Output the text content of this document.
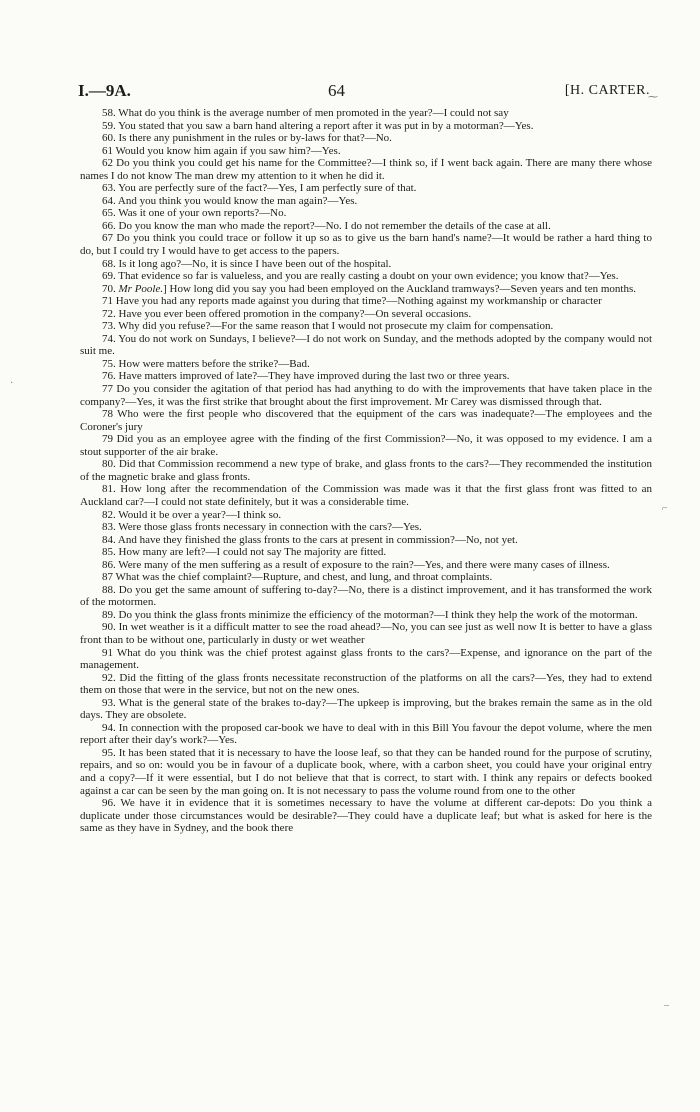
I.—9A.	64	[H. CARTER.
⁓
·
⌐
–

58. What do you think is the average number of men promoted in the year?—I could not say

59. You stated that you saw a barn hand altering a report after it was put in by a motorman?—Yes.

60. Is there any punishment in the rules or by-laws for that?—No.

61 Would you know him again if you saw him?—Yes.

62 Do you think you could get his name for the Committee?—I think so, if I went back again. There are many there whose names I do not know The man drew my attention to it when he did it.

63. You are perfectly sure of the fact?—Yes, I am perfectly sure of that.

64. And you think you would know the man again?—Yes.

65. Was it one of your own reports?—No.

66. Do you know the man who made the report?—No. I do not remember the details of the case at all.

67 Do you think you could trace or follow it up so as to give us the barn hand's name?—It would be rather a hard thing to do, but I could try I would have to get access to the papers.

68. Is it long ago?—No, it is since I have been out of the hospital.

69. That evidence so far is valueless, and you are really casting a doubt on your own evidence; you know that?—Yes.

70. Mr Poole.] How long did you say you had been employed on the Auckland tramways?—Seven years and ten months.

71 Have you had any reports made against you during that time?—Nothing against my workmanship or character

72. Have you ever been offered promotion in the company?—On several occasions.

73. Why did you refuse?—For the same reason that I would not prosecute my claim for compensation.

74. You do not work on Sundays, I believe?—I do not work on Sunday, and the methods adopted by the company would not suit me.

75. How were matters before the strike?—Bad.

76. Have matters improved of late?—They have improved during the last two or three years.

77 Do you consider the agitation of that period has had anything to do with the improvements that have taken place in the company?—Yes, it was the first strike that brought about the first improvement. Mr Carey was dismissed through that.

78 Who were the first people who discovered that the equipment of the cars was inadequate?—The employees and the Coroner's jury

79 Did you as an employee agree with the finding of the first Commission?—No, it was opposed to my evidence. I am a stout supporter of the air brake.

80. Did that Commission recommend a new type of brake, and glass fronts to the cars?—They recommended the institution of the magnetic brake and glass fronts.

81. How long after the recommendation of the Commission was made was it that the first glass front was fitted to an Auckland car?—I could not state definitely, but it was a considerable time.

82. Would it be over a year?—I think so.

83. Were those glass fronts necessary in connection with the cars?—Yes.

84. And have they finished the glass fronts to the cars at present in commission?—No, not yet.

85. How many are left?—I could not say The majority are fitted.

86. Were many of the men suffering as a result of exposure to the rain?—Yes, and there were many cases of illness.

87 What was the chief complaint?—Rupture, and chest, and lung, and throat complaints.

88. Do you get the same amount of suffering to-day?—No, there is a distinct improvement, and it has transformed the work of the motormen.

89. Do you think the glass fronts minimize the efficiency of the motorman?—I think they help the work of the motorman.

90. In wet weather is it a difficult matter to see the road ahead?—No, you can see just as well now It is better to have a glass front than to be without one, particularly in dusty or wet weather

91 What do you think was the chief protest against glass fronts to the cars?—Expense, and ignorance on the part of the management.

92. Did the fitting of the glass fronts necessitate reconstruction of the platforms on all the cars?—Yes, they had to extend them on those that were in the service, but not on the new ones.

93. What is the general state of the brakes to-day?—The upkeep is improving, but the brakes remain the same as in the old days. They are obsolete.

94. In connection with the proposed car-book we have to deal with in this Bill You favour the depot volume, where the men report after their day's work?—Yes.

95. It has been stated that it is necessary to have the loose leaf, so that they can be handed round for the purpose of scrutiny, repairs, and so on: would you be in favour of a duplicate book, where, with a carbon sheet, you could have your original entry and a copy?—If it were essential, but I do not believe that that is correct, to start with. I think any repairs or defects booked against a car can be seen by the man going on. It is not necessary to pass the volume round from one to the other

96. We have it in evidence that it is sometimes necessary to have the volume at different car-depots: Do you think a duplicate under those circumstances would be desirable?—They could have a duplicate leaf; but what is asked for here is the same as they have in Sydney, and the book there
